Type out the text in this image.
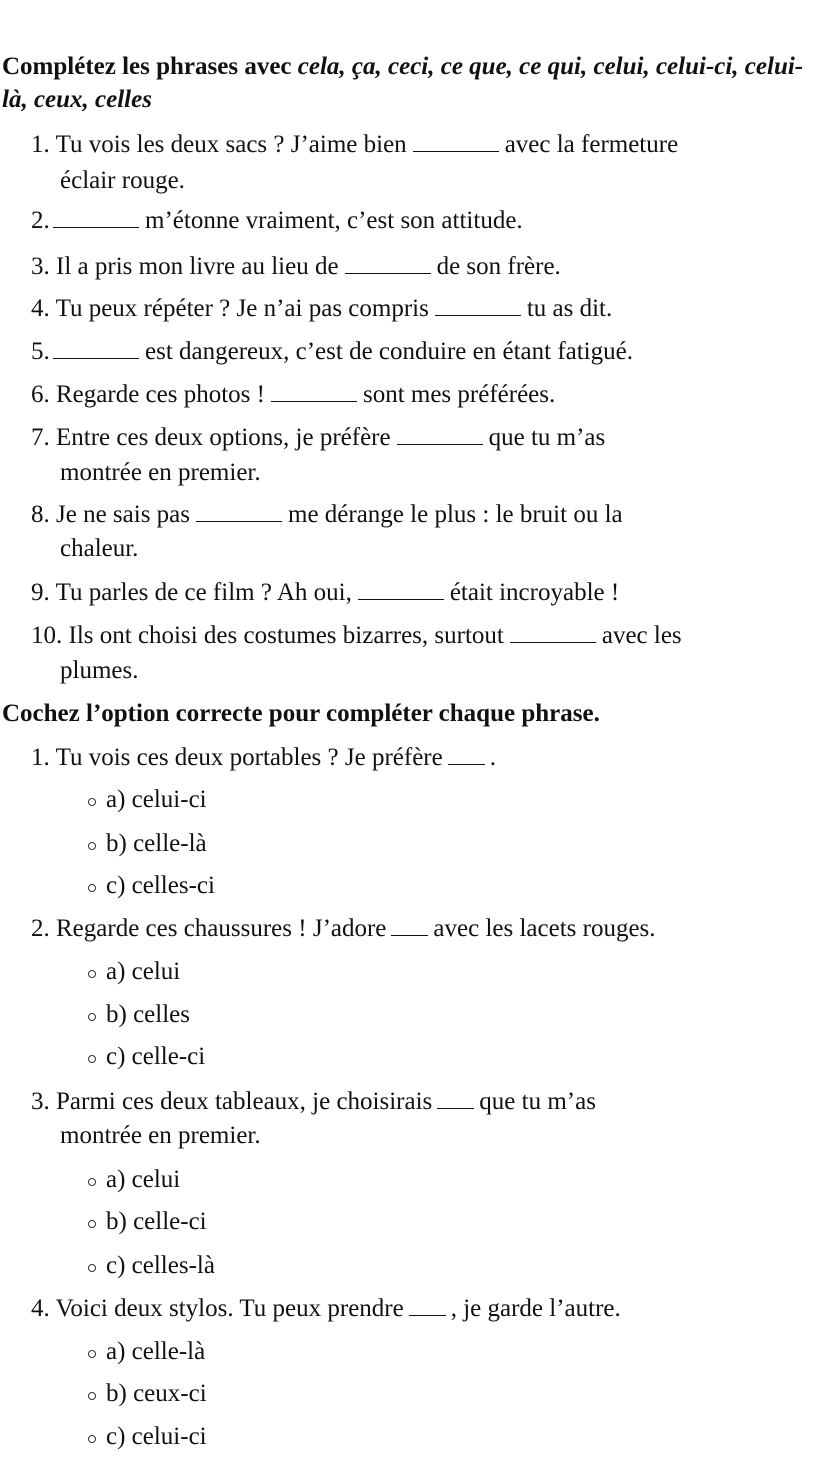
Complétez les phrases avec cela, ça, ceci, ce que, ce qui, celui, celui-ci, celui-là, ceux, celles

1. Tu vois les deux sacs ? J’aime bien	avec la fermeture
éclair rouge.
2.	m’étonne vraiment, c’est son attitude.
3. Il a pris mon livre au lieu de	de son frère.
4. Tu peux répéter ? Je n’ai pas compris	tu as dit.
5.	est dangereux, c’est de conduire en étant fatigué.
6. Regarde ces photos !	sont mes préférées.
7. Entre ces deux options, je préfère	que tu m’as
montrée en premier.
8. Je ne sais pas	me dérange le plus : le bruit ou la
chaleur.
9. Tu parles de ce film ? Ah oui,	était incroyable !
10. Ils ont choisi des costumes bizarres, surtout	avec les
plumes.

Cochez l’option correcte pour compléter chaque phrase.

1. Tu vois ces deux portables ? Je préfère .
a) celui-ci
b) celle-là
c) celles-ci
2. Regarde ces chaussures ! J’adore avec les lacets rouges.
a) celui
b) celles
c) celle-ci
3. Parmi ces deux tableaux, je choisirais que tu m’as
montrée en premier.
a) celui
b) celle-ci
c) celles-là
4. Voici deux stylos. Tu peux prendre , je garde l’autre.
a) celle-là
b) ceux-ci
c) celui-ci
